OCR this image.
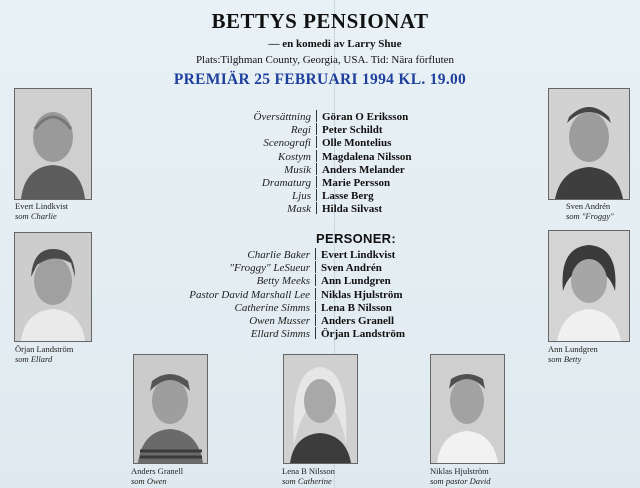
BETTYS PENSIONAT
— en komedi av Larry Shue
Plats:Tilghman County, Georgia, USA. Tid: Nära förfluten
PREMIÄR 25 FEBRUARI 1994 KL. 19.00
Översättning Göran O Eriksson
Regi Peter Schildt
Scenografi Olle Montelius
Kostym Magdalena Nilsson
Musik Anders Melander
Dramaturg Marie Persson
Ljus Lasse Berg
Mask Hilda Silvast
PERSONER:
Charlie Baker Evert Lindkvist
"Froggy" LeSueur Sven Andrén
Betty Meeks Ann Lundgren
Pastor David Marshall Lee Niklas Hjulström
Catherine Simms Lena B Nilsson
Owen Musser Anders Granell
Ellard Simms Örjan Landström
Evert Lindkvist
som Charlie
Sven Andrén
som "Froggy"
Örjan Landström
som Ellard
Ann Lundgren
som Betty
Anders Granell
som Owen
Lena B Nilsson
som Catherine
Niklas Hjulström
som pastor David
